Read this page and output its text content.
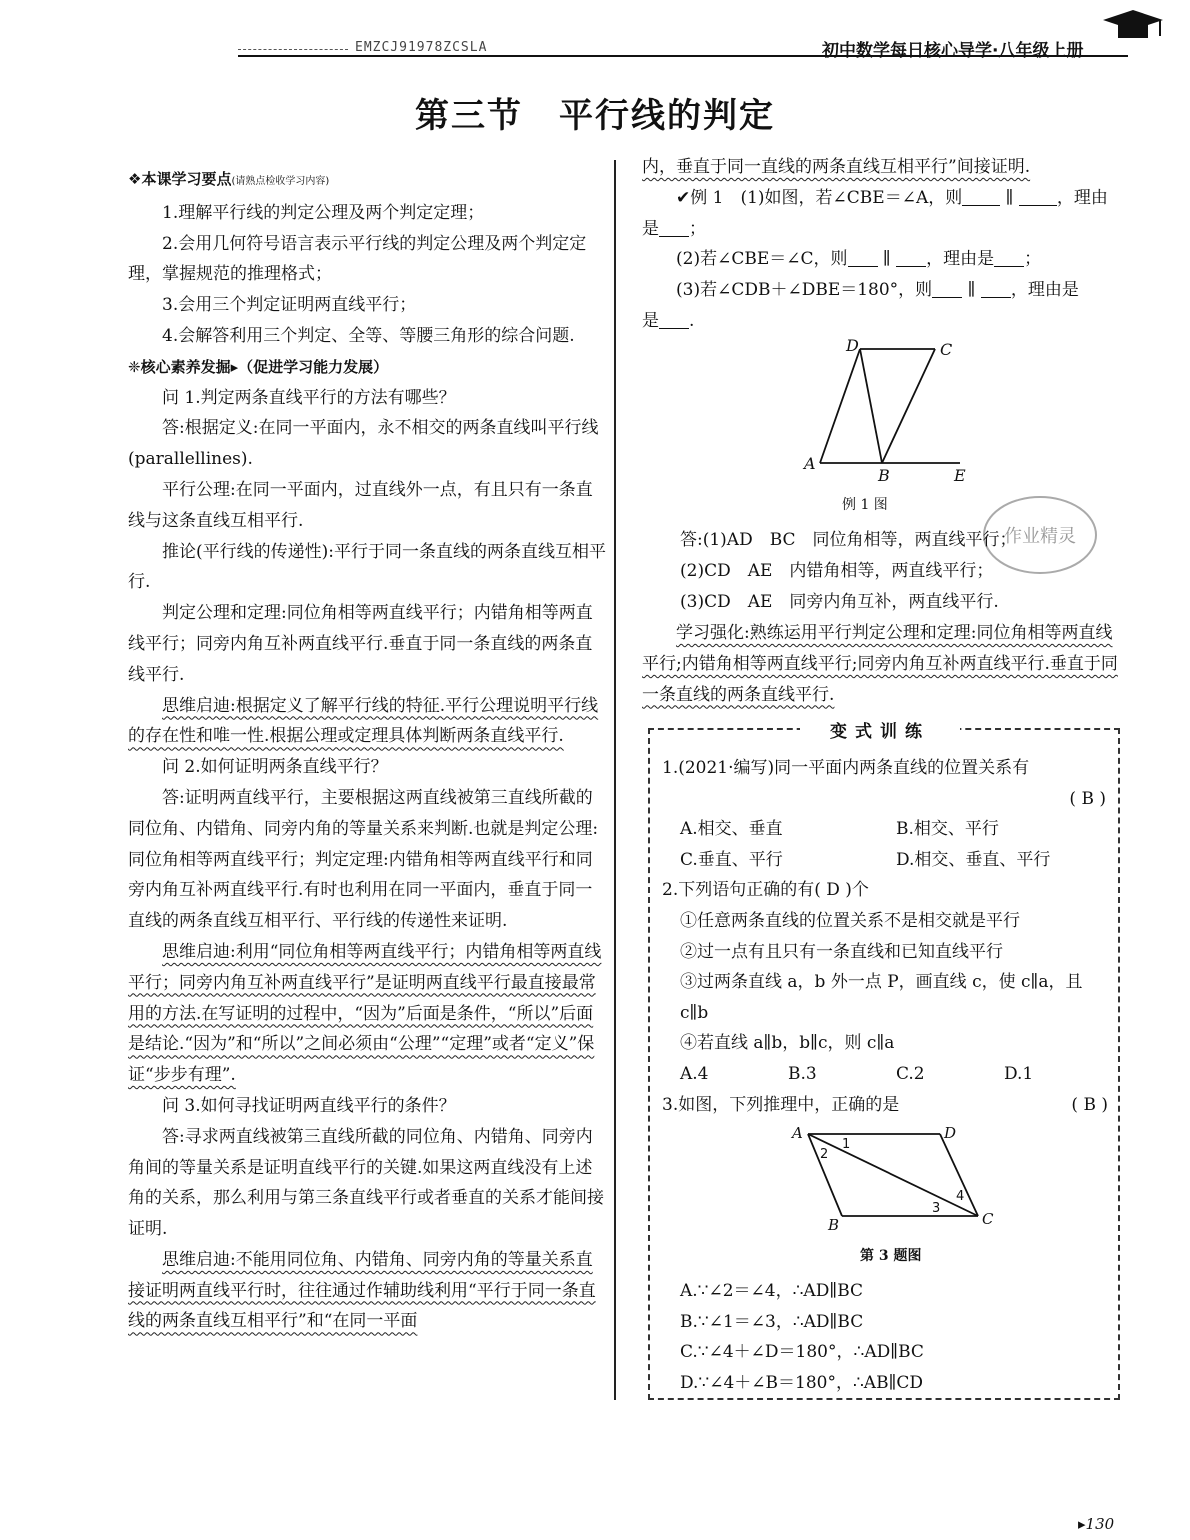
EMZCJ91978ZCSLA	初中数学每日核心导学·八年级上册
第三节　平行线的判定

❖本课学习要点(请熟点检收学习内容)

1.理解平行线的判定公理及两个判定定理；

2.会用几何符号语言表示平行线的判定公理及两个判定定理，掌握规范的推理格式；

3.会用三个判定证明两直线平行；

4.会解答利用三个判定、全等、等腰三角形的综合问题.

❈核心素养发掘▸（促进学习能力发展）

问 1.判定两条直线平行的方法有哪些？

答:根据定义:在同一平面内，永不相交的两条直线叫平行线(parallellines).

平行公理:在同一平面内，过直线外一点，有且只有一条直线与这条直线互相平行.

推论(平行线的传递性):平行于同一条直线的两条直线互相平行.

判定公理和定理:同位角相等两直线平行；内错角相等两直线平行；同旁内角互补两直线平行.垂直于同一条直线的两条直线平行.

思维启迪:根据定义了解平行线的特征.平行公理说明平行线的存在性和唯一性.根据公理或定理具体判断两条直线平行.

问 2.如何证明两条直线平行？

答:证明两直线平行，主要根据这两直线被第三直线所截的同位角、内错角、同旁内角的等量关系来判断.也就是判定公理:同位角相等两直线平行；判定定理:内错角相等两直线平行和同旁内角互补两直线平行.有时也利用在同一平面内，垂直于同一直线的两条直线互相平行、平行线的传递性来证明.

思维启迪:利用“同位角相等两直线平行；内错角相等两直线平行；同旁内角互补两直线平行”是证明两直线平行最直接最常用的方法.在写证明的过程中，“因为”后面是条件，“所以”后面是结论.“因为”和“所以”之间必须由“公理”“定理”或者“定义”保证“步步有理”.

问 3.如何寻找证明两直线平行的条件？

答:寻求两直线被第三直线所截的同位角、内错角、同旁内角间的等量关系是证明直线平行的关键.如果这两直线没有上述角的关系，那么利用与第三条直线平行或者垂直的关系才能间接证明.

思维启迪:不能用同位角、内错角、同旁内角的等量关系直接证明两直线平行时，往往通过作辅助线利用“平行于同一条直线的两条直线互相平行”和“在同一平面

内，垂直于同一直线的两条直线互相平行”间接证明.

✔例 1　(1)如图，若∠CBE＝∠A，则	∥	，理由是 ；

(2)若∠CBE＝∠C，则 ∥ ，理由是 ；

(3)若∠CDB＋∠DBE＝180°，则 ∥ ，理由是

是 .

D	C
A
B	E
例 1 图
作业精灵

答:(1)AD　BC　同位角相等，两直线平行；

(2)CD　AE　内错角相等，两直线平行；

(3)CD　AE　同旁内角互补，两直线平行.

学习强化:熟练运用平行判定公理和定理:同位角相等两直线平行;内错角相等两直线平行;同旁内角互补两直线平行.垂直于同一条直线的两条直线平行.

变式训练

1.(2021·编写)同一平面内两条直线的位置关系有

( B )

A.相交、垂直	B.相交、平行
C.垂直、平行	D.相交、垂直、平行

2.下列语句正确的有( D )个

①任意两条直线的位置关系不是相交就是平行

②过一点有且只有一条直线和已知直线平行

③过两条直线 a，b 外一点 P，画直线 c，使 c∥a，且 c∥b

④若直线 a∥b，b∥c，则 c∥a

A.4	B.3	C.2	D.1

3.如图，下列推理中，正确的是	( B )

A	D
B	C
1
2
3
4
第 3 题图

A.∵∠2＝∠4，∴AD∥BC

B.∵∠1＝∠3，∴AD∥BC

C.∵∠4＋∠D＝180°，∴AD∥BC

D.∵∠4＋∠B＝180°，∴AB∥CD

▸130
